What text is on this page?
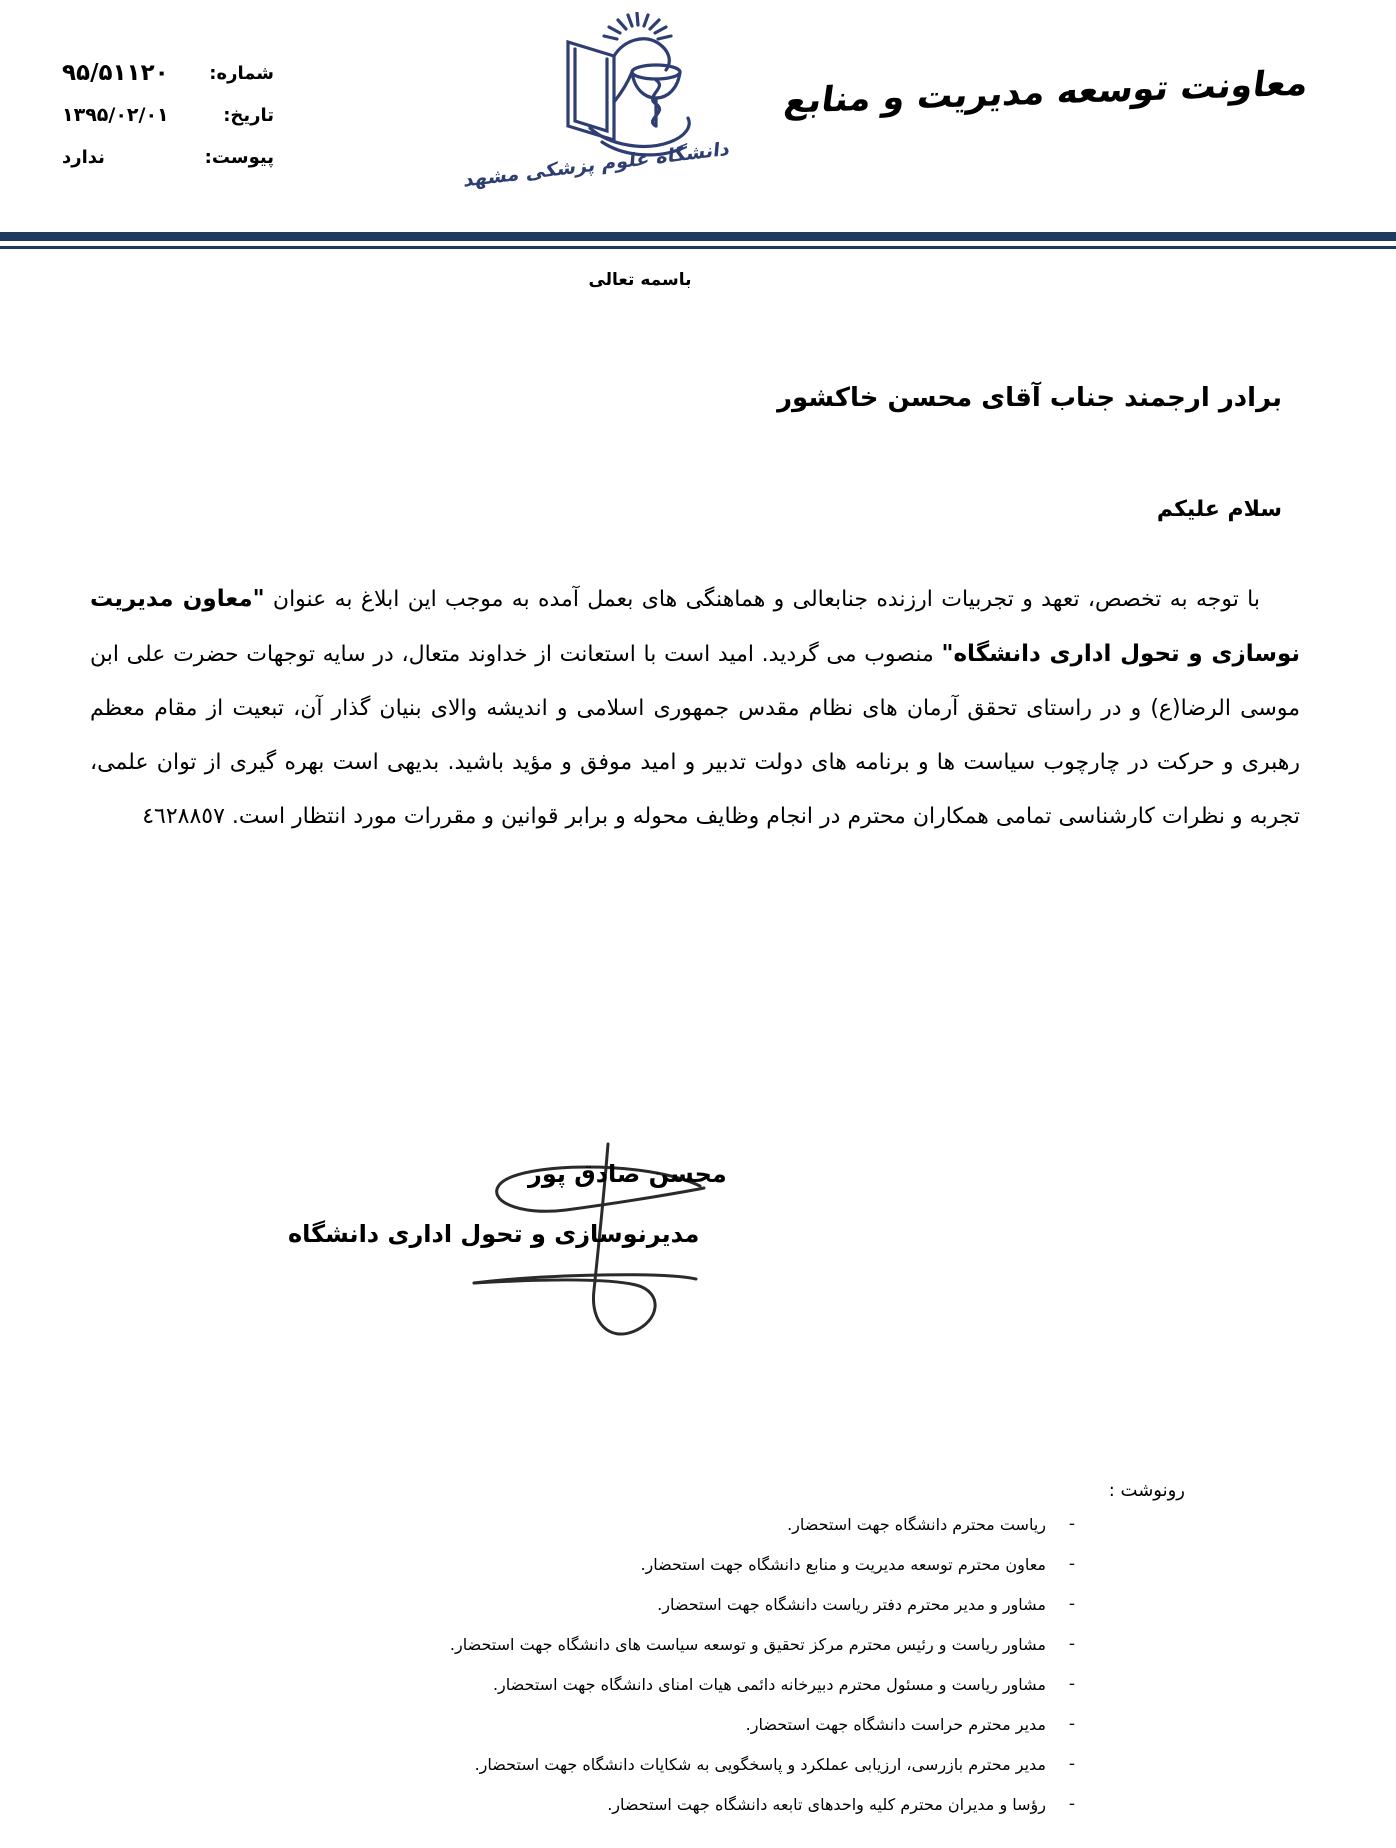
شماره:
۹۵/۵۱۱۲۰
تاریخ:
۱۳۹۵/۰۲/۰۱
پیوست:
ندارد
معاونت توسعه مدیریت و منابع
دانشگاه علوم پزشکی مشهد
باسمه تعالی
برادر ارجمند جناب آقای محسن خاکشور
سلام علیکم

با توجه به تخصص، تعهد و تجربیات ارزنده جنابعالی و هماهنگی های بعمل آمده به موجب این ابلاغ به عنوان "معاون مدیریت نوسازی و تحول اداری دانشگاه" منصوب می گردید. امید است با استعانت از خداوند متعال، در سایه توجهات حضرت علی ابن موسی الرضا(ع) و در راستای تحقق آرمان های نظام مقدس جمهوری اسلامی و اندیشه والای بنیان گذار آن، تبعیت از مقام معظم رهبری و حرکت در چارچوب سیاست ها و برنامه های دولت تدبیر و امید موفق و مؤید باشید. بدیهی است بهره گیری از توان علمی، تجربه و نظرات کارشناسی تمامی همکاران محترم در انجام وظایف محوله و برابر قوانین و مقررات مورد انتظار است. ٤٦٢٨٨٥٧

محسن صادق پور
مدیرنوسازی و تحول اداری دانشگاه
رونوشت :
-
ریاست محترم دانشگاه جهت استحضار.
-
معاون محترم توسعه مدیریت و منابع دانشگاه جهت استحضار.
-
مشاور و مدیر محترم دفتر ریاست دانشگاه جهت استحضار.
-
مشاور ریاست و رئیس محترم مرکز تحقیق و توسعه سیاست های دانشگاه جهت استحضار.
-
مشاور ریاست و مسئول محترم دبیرخانه دائمی هیات امنای دانشگاه جهت استحضار.
-
مدیر محترم حراست دانشگاه جهت استحضار.
-
مدیر محترم بازرسی، ارزیابی عملکرد و پاسخگویی به شکایات دانشگاه جهت استحضار.
-
رؤسا و مدیران محترم کلیه واحدهای تابعه دانشگاه جهت استحضار.
